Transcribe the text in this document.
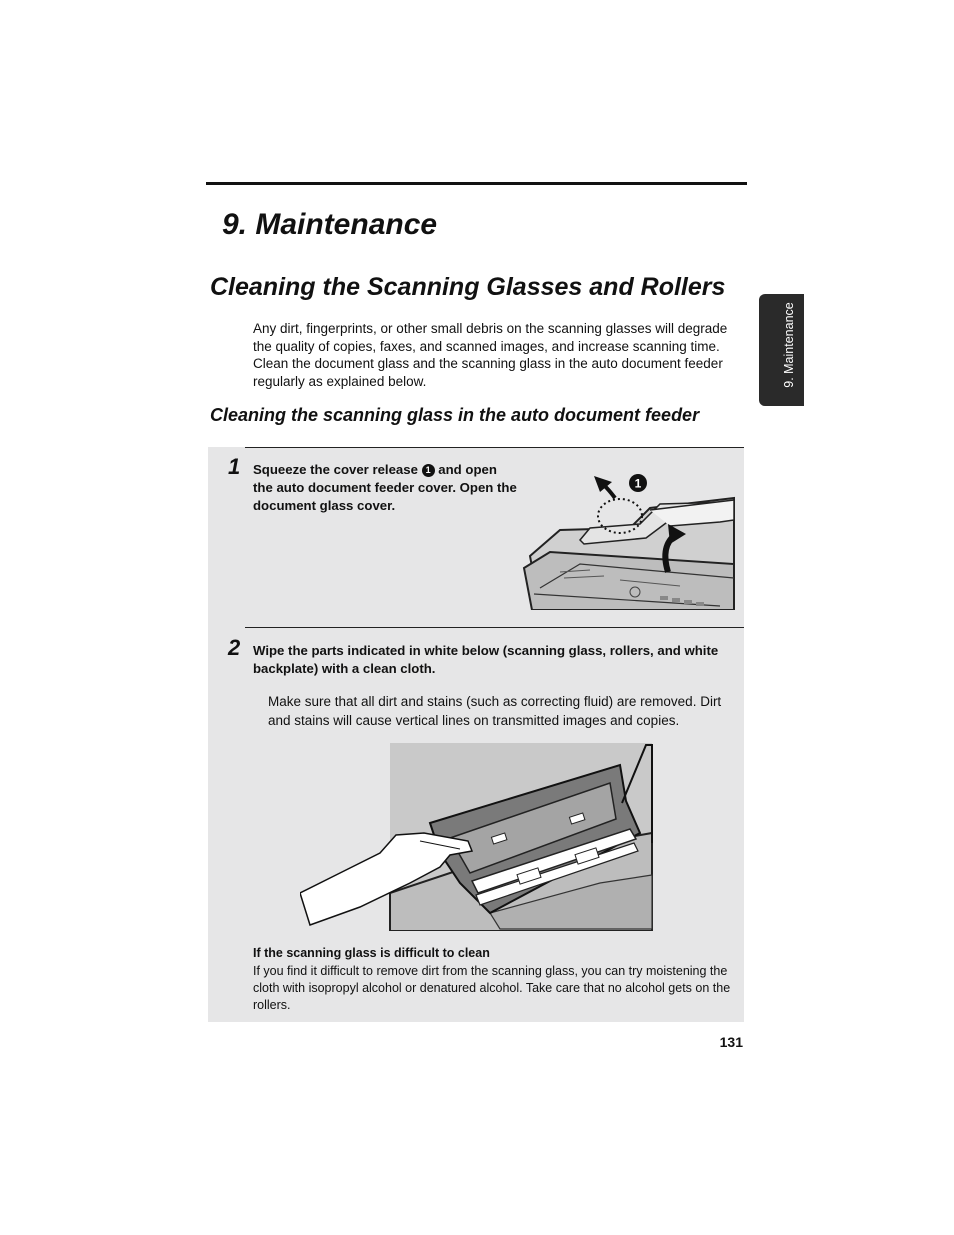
9. Maintenance
Cleaning the Scanning Glasses and Rollers
Any dirt, fingerprints, or other small debris on the scanning glasses will degrade the quality of copies, faxes, and scanned images, and increase scanning time. Clean the document glass and the scanning glass in the auto document feeder regularly as explained below.
Cleaning the scanning glass in the auto document feeder
9. Maintenance
1 Squeeze the cover release 1 and open the auto document feeder cover. Open the document glass cover.
1
2 Wipe the parts indicated in white below (scanning glass, rollers, and white backplate) with a clean cloth.
Make sure that all dirt and stains (such as correcting fluid) are removed. Dirt and stains will cause vertical lines on transmitted images and copies.
If the scanning glass is difficult to clean
If you find it difficult to remove dirt from the scanning glass, you can try moistening the cloth with isopropyl alcohol or denatured alcohol. Take care that no alcohol gets on the rollers.
131
